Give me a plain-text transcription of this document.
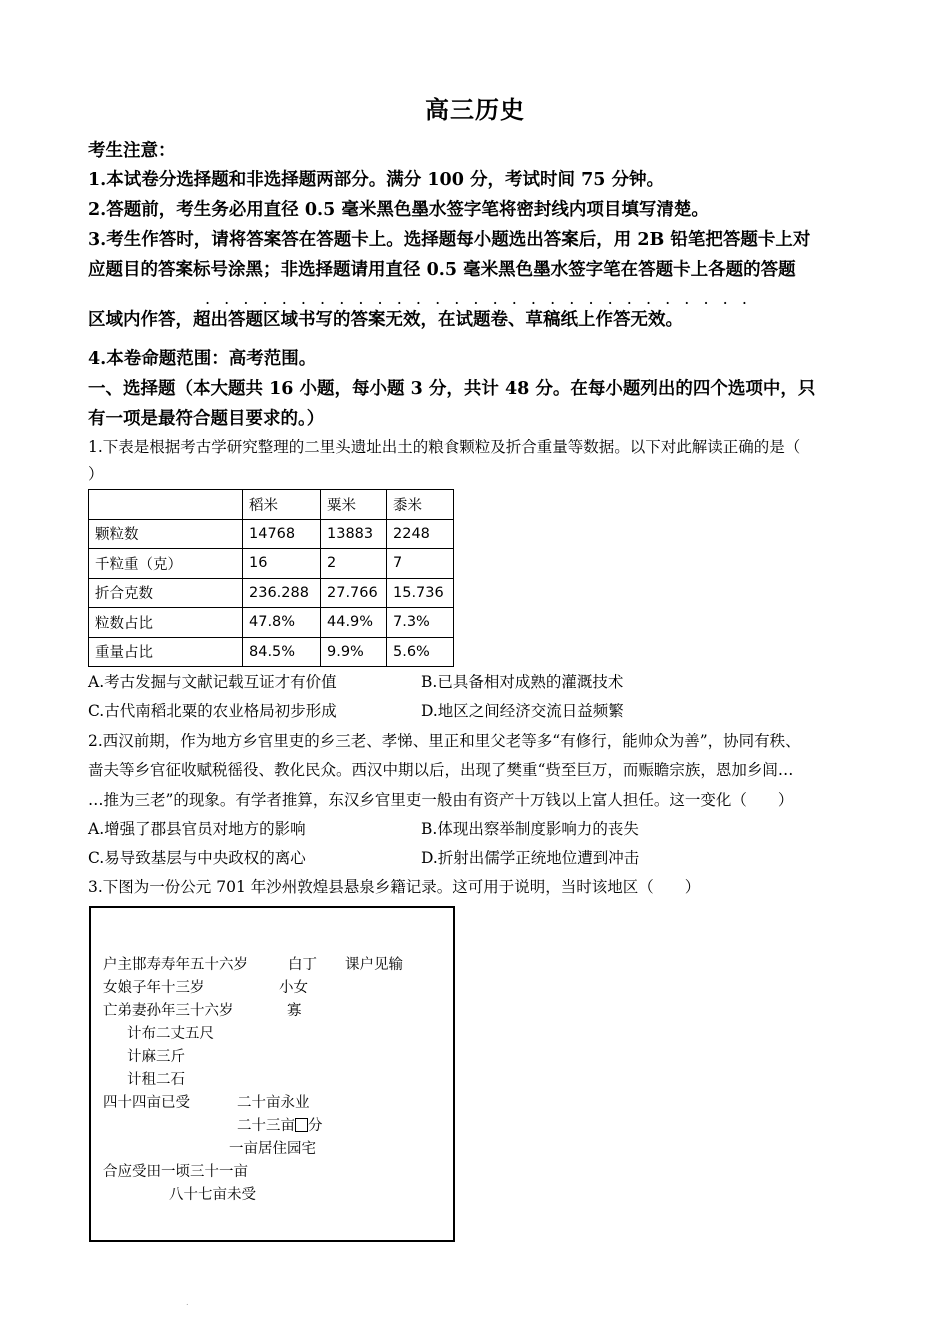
高三历史
考生注意：
1.本试卷分选择题和非选择题两部分。满分 100 分，考试时间 75 分钟。
2.答题前，考生务必用直径 0.5 毫米黑色墨水签字笔将密封线内项目填写清楚。
3.考生作答时，请将答案答在答题卡上。选择题每小题选出答案后，用 2B 铅笔把答题卡上对
应题目的答案标号涂黑；非选择题请用直径 0.5 毫米黑色墨水签字笔在答题卡上各题的答题
. . . . . . . . . . . . . . . . . . . . . . . . . . . . .
区域内作答，超出答题区域书写的答案无效，在试题卷、草稿纸上作答无效。
4.本卷命题范围：高考范围。
一、选择题（本大题共 16 小题，每小题 3 分，共计 48 分。在每小题列出的四个选项中，只
有一项是最符合题目要求的。）
1.下表是根据考古学研究整理的二里头遗址出土的粮食颗粒及折合重量等数据。以下对此解读正确的是（
）
	稻米	粟米	黍米
颗粒数	14768	13883	2248
千粒重（克）	16	2	7
折合克数	236.288	27.766	15.736
粒数占比	47.8%	44.9%	7.3%
重量占比	84.5%	9.9%	5.6%
A.考古发掘与文献记载互证才有价值	B.已具备相对成熟的灌溉技术
C.古代南稻北粟的农业格局初步形成	D.地区之间经济交流日益频繁
2.西汉前期，作为地方乡官里吏的乡三老、孝悌、里正和里父老等多“有修行，能帅众为善”，协同有秩、
啬夫等乡官征收赋税徭役、教化民众。西汉中期以后，出现了樊重“赀至巨万，而赈瞻宗族，恩加乡闾…
…推为三老”的现象。有学者推算，东汉乡官里吏一般由有资产十万钱以上富人担任。这一变化（　　）
A.增强了郡县官员对地方的影响	B.体现出察举制度影响力的丧失
C.易导致基层与中央政权的离心	D.折射出儒学正统地位遭到冲击
3.下图为一份公元 701 年沙州敦煌县悬泉乡籍记录。这可用于说明，当时该地区（　　）
户主邯寿寿年五十六岁	白丁 课户见输
女娘子年十三岁	小女
亡弟妻孙年三十六岁	寡
计布二丈五尺
计麻三斤
计租二石
四十四亩已受	二十亩永业
二十三亩 分
一亩居住园宅
合应受田一顷三十一亩
八十七亩未受
.
